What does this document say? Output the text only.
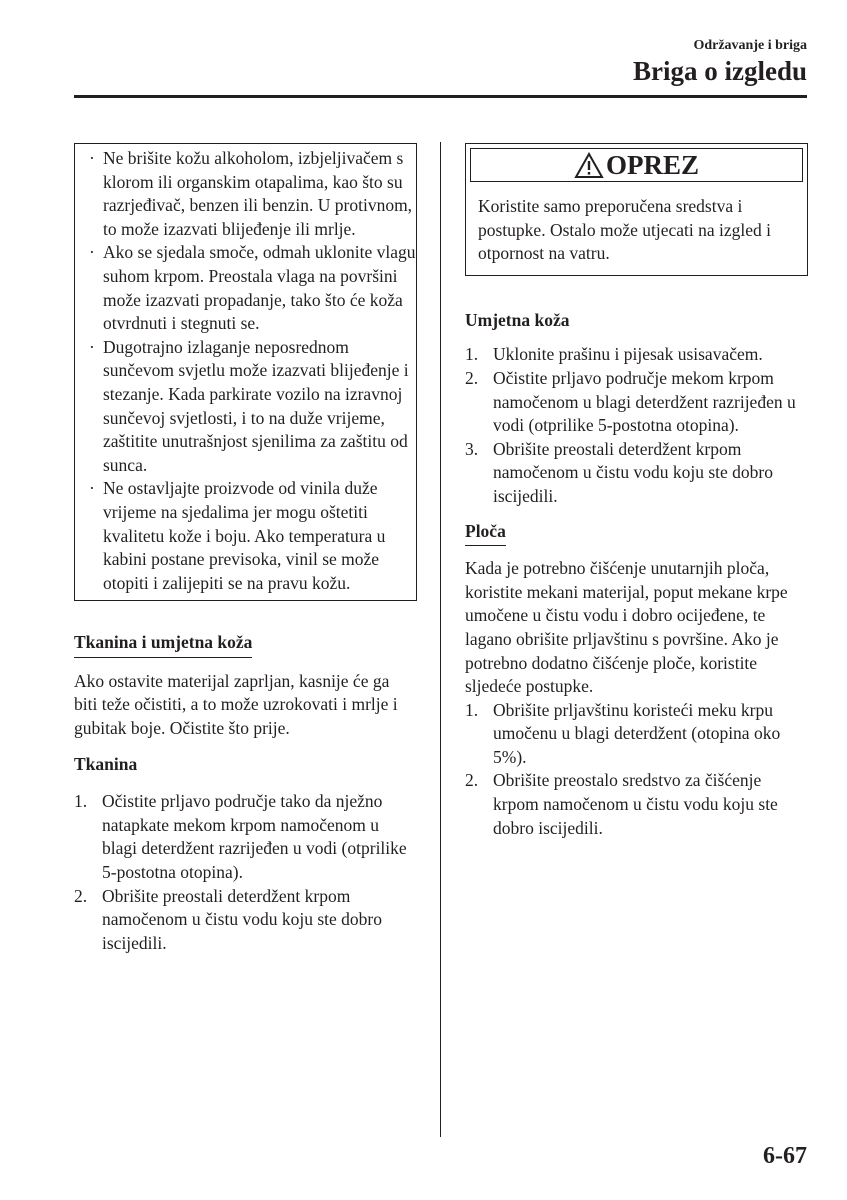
Održavanje i briga
Briga o izgledu
· Ne brišite kožu alkoholom, izbjeljivačem s klorom ili organskim otapalima, kao što su razrjeđivač, benzen ili benzin. U protivnom, to može izazvati blijeđenje ili mrlje.
· Ako se sjedala smoče, odmah uklonite vlagu suhom krpom. Preostala vlaga na površini može izazvati propadanje, tako što će koža otvrdnuti i stegnuti se.
· Dugotrajno izlaganje neposrednom sunčevom svjetlu može izazvati blijeđenje i stezanje. Kada parkirate vozilo na izravnoj sunčevoj svjetlosti, i to na duže vrijeme, zaštitite unutrašnjost sjenilima za zaštitu od sunca.
· Ne ostavljajte proizvode od vinila duže vrijeme na sjedalima jer mogu oštetiti kvalitetu kože i boju. Ako temperatura u kabini postane previsoka, vinil se može otopiti i zalijepiti se na pravu kožu.
Tkanina i umjetna koža
Ako ostavite materijal zaprljan, kasnije će ga biti teže očistiti, a to može uzrokovati i mrlje i gubitak boje. Očistite što prije.
Tkanina
1. Očistite prljavo područje tako da nježno natapkate mekom krpom namočenom u blagi deterdžent razrijeđen u vodi (otprilike 5-postotna otopina).
2. Obrišite preostali deterdžent krpom namočenom u čistu vodu koju ste dobro iscijedili.
OPREZ
Koristite samo preporučena sredstva i postupke. Ostalo može utjecati na izgled i otpornost na vatru.
Umjetna koža
1. Uklonite prašinu i pijesak usisavačem.
2. Očistite prljavo područje mekom krpom namočenom u blagi deterdžent razrijeđen u vodi (otprilike 5-postotna otopina).
3. Obrišite preostali deterdžent krpom namočenom u čistu vodu koju ste dobro iscijedili.
Ploča
Kada je potrebno čišćenje unutarnjih ploča, koristite mekani materijal, poput mekane krpe umočene u čistu vodu i dobro ocijeđene, te lagano obrišite prljavštinu s površine. Ako je potrebno dodatno čišćenje ploče, koristite sljedeće postupke.
1. Obrišite prljavštinu koristeći meku krpu umočenu u blagi deterdžent (otopina oko 5%).
2. Obrišite preostalo sredstvo za čišćenje krpom namočenom u čistu vodu koju ste dobro iscijedili.
6-67
